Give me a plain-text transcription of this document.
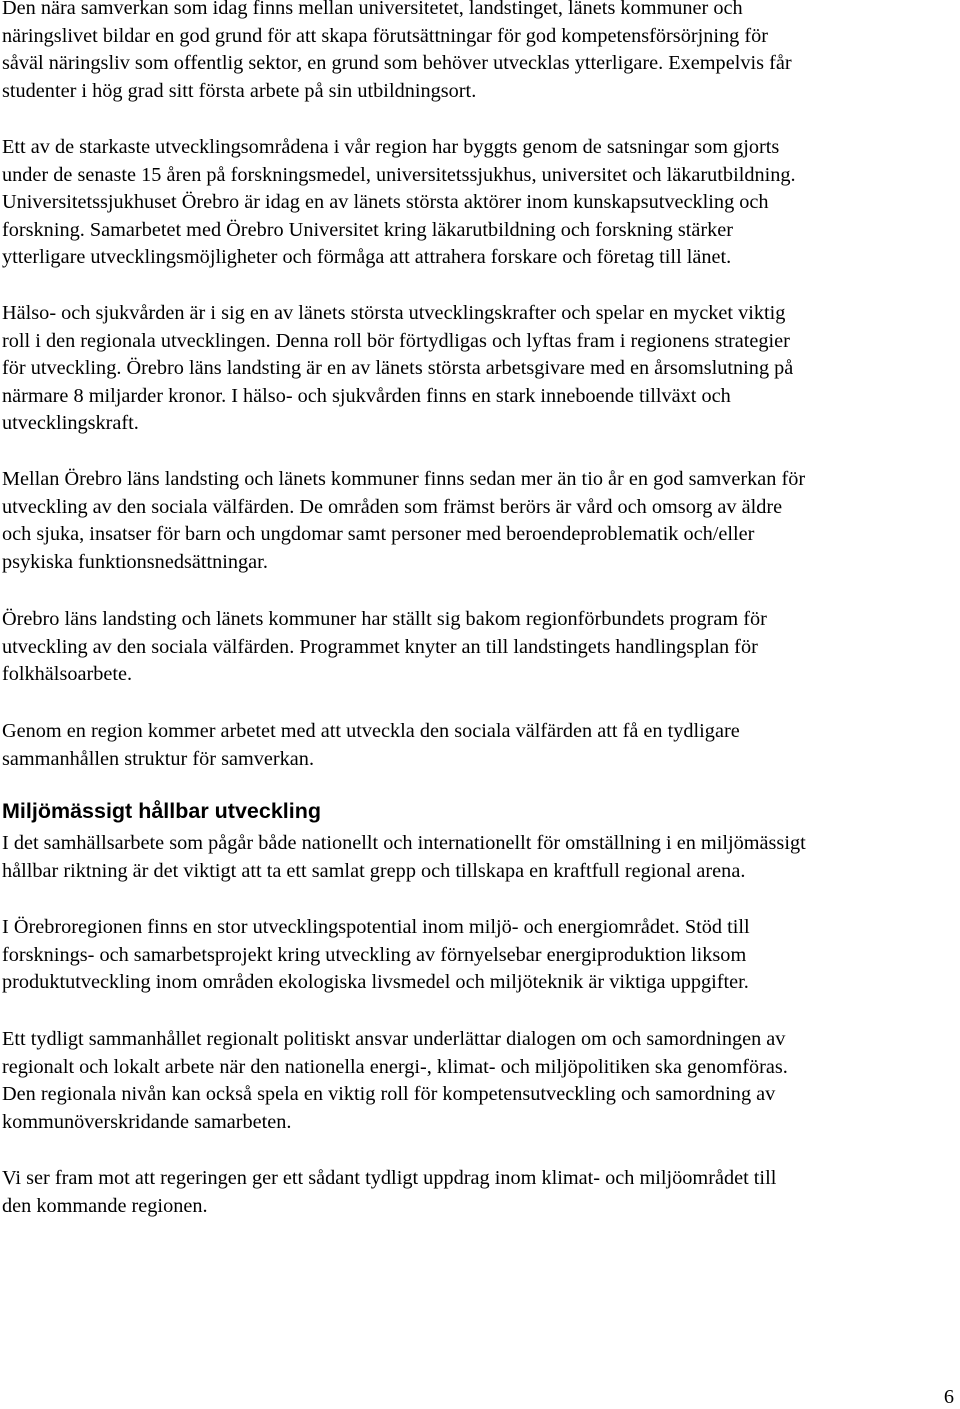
Den nära samverkan som idag finns mellan universitetet, landstinget, länets kommuner och
näringslivet bildar en god grund för att skapa förutsättningar för god kompetensförsörjning för
såväl näringsliv som offentlig sektor, en grund som behöver utvecklas ytterligare. Exempelvis får
studenter i hög grad sitt första arbete på sin utbildningsort.

Ett av de starkaste utvecklingsområdena i vår region har byggts genom de satsningar som gjorts
under de senaste 15 åren på forskningsmedel, universitetssjukhus, universitet och läkarutbildning.
Universitetssjukhuset Örebro är idag en av länets största aktörer inom kunskapsutveckling och
forskning. Samarbetet med Örebro Universitet kring läkarutbildning och forskning stärker
ytterligare utvecklingsmöjligheter och förmåga att attrahera forskare och företag till länet.

Hälso- och sjukvården är i sig en av länets största utvecklingskrafter och spelar en mycket viktig
roll i den regionala utvecklingen. Denna roll bör förtydligas och lyftas fram i regionens strategier
för utveckling. Örebro läns landsting är en av länets största arbetsgivare med en årsomslutning på
närmare 8 miljarder kronor. I hälso- och sjukvården finns en stark inneboende tillväxt och
utvecklingskraft.

Mellan Örebro läns landsting och länets kommuner finns sedan mer än tio år en god samverkan för
utveckling av den sociala välfärden. De områden som främst berörs är vård och omsorg av äldre
och sjuka, insatser för barn och ungdomar samt personer med beroendeproblematik och/eller
psykiska funktionsnedsättningar.

Örebro läns landsting och länets kommuner har ställt sig bakom regionförbundets program för
utveckling av den sociala välfärden. Programmet knyter an till landstingets handlingsplan för
folkhälsoarbete.

Genom en region kommer arbetet med att utveckla den sociala välfärden att få en tydligare
sammanhållen struktur för samverkan.

Miljömässigt hållbar utveckling

I det samhällsarbete som pågår både nationellt och internationellt för omställning i en miljömässigt
hållbar riktning är det viktigt att ta ett samlat grepp och tillskapa en kraftfull regional arena.

I Örebroregionen finns en stor utvecklingspotential inom miljö- och energiområdet. Stöd till
forsknings- och samarbetsprojekt kring utveckling av förnyelsebar energiproduktion liksom
produktutveckling inom områden ekologiska livsmedel och miljöteknik är viktiga uppgifter.

Ett tydligt sammanhållet regionalt politiskt ansvar underlättar dialogen om och samordningen av
regionalt och lokalt arbete när den nationella energi-, klimat- och miljöpolitiken ska genomföras.
Den regionala nivån kan också spela en viktig roll för kompetensutveckling och samordning av
kommunöverskridande samarbeten.

Vi ser fram mot att regeringen ger ett sådant tydligt uppdrag inom klimat- och miljöområdet till
den kommande regionen.

6
